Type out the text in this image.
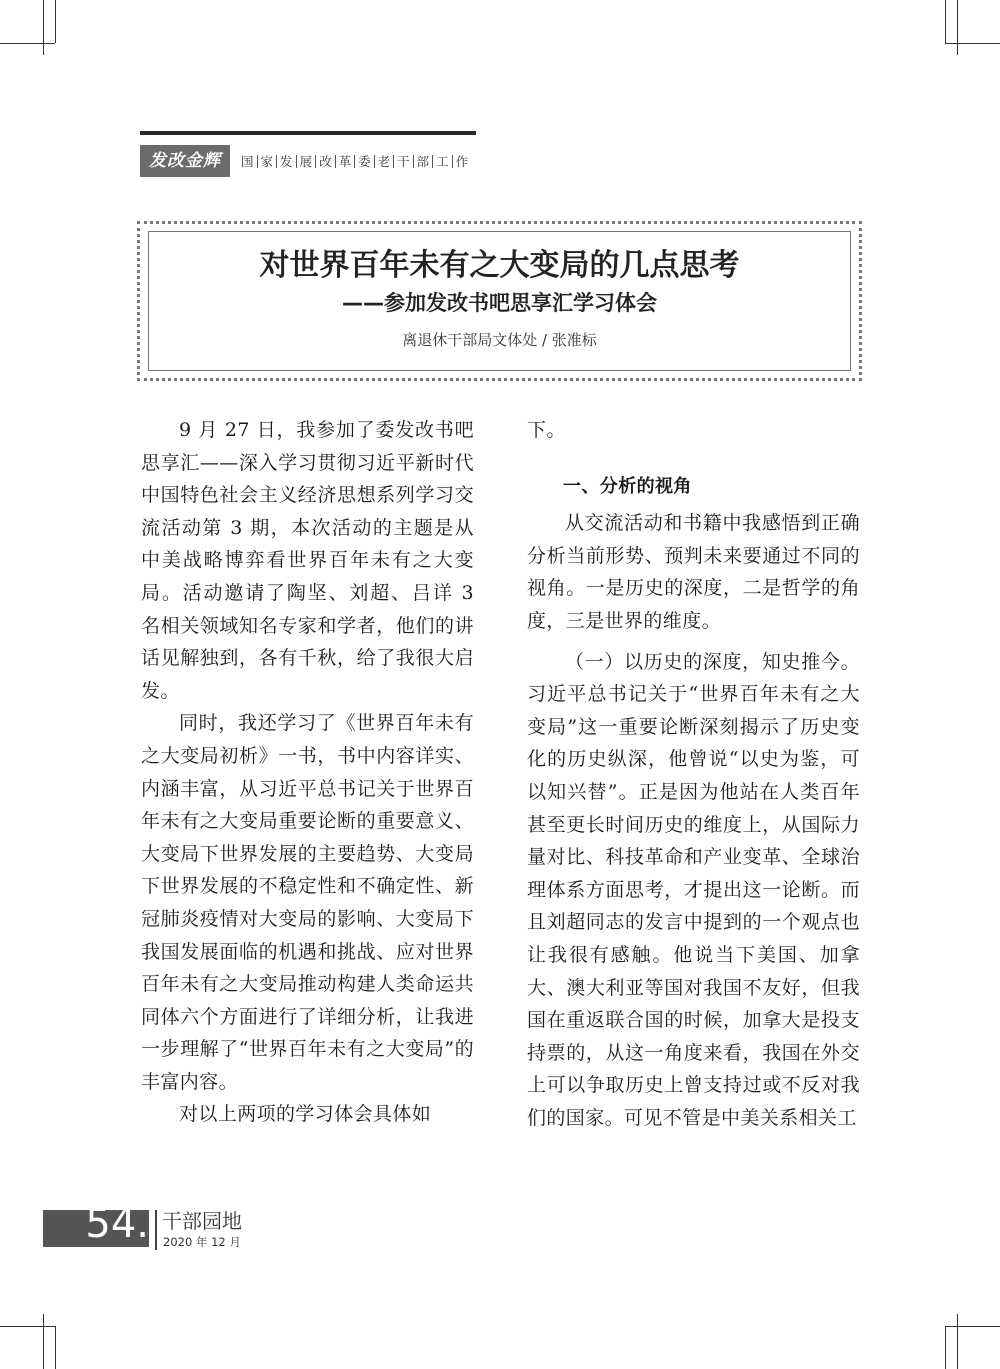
发改金辉	国 家 发 展 改 革 委 老 干 部 工 作
对世界百年未有之大变局的几点思考
——参加发改书吧思享汇学习体会
离退休干部局文体处 / 张准标

9 月 27 日，我参加了委发改书吧思享汇——深入学习贯彻习近平新时代中国特色社会主义经济思想系列学习交流活动第 3 期，本次活动的主题是从中美战略博弈看世界百年未有之大变局。活动邀请了陶坚、刘超、吕详 3 名相关领域知名专家和学者，他们的讲话见解独到，各有千秋，给了我很大启发。

同时，我还学习了《世界百年未有之大变局初析》一书，书中内容详实、内涵丰富，从习近平总书记关于世界百年未有之大变局重要论断的重要意义、大变局下世界发展的主要趋势、大变局下世界发展的不稳定性和不确定性、新冠肺炎疫情对大变局的影响、大变局下我国发展面临的机遇和挑战、应对世界百年未有之大变局推动构建人类命运共同体六个方面进行了详细分析，让我进一步理解了“世界百年未有之大变局”的丰富内容。

对以上两项的学习体会具体如

下。

一、分析的视角

从交流活动和书籍中我感悟到正确分析当前形势、预判未来要通过不同的视角。一是历史的深度，二是哲学的角度，三是世界的维度。

（一）以历史的深度，知史推今。习近平总书记关于“世界百年未有之大变局”这一重要论断深刻揭示了历史变化的历史纵深，他曾说“以史为鉴，可以知兴替”。正是因为他站在人类百年甚至更长时间历史的维度上，从国际力量对比、科技革命和产业变革、全球治理体系方面思考，才提出这一论断。而且刘超同志的发言中提到的一个观点也让我很有感触。他说当下美国、加拿大、澳大利亚等国对我国不友好，但我国在重返联合国的时候，加拿大是投支持票的，从这一角度来看，我国在外交上可以争取历史上曾支持过或不反对我们的国家。可见不管是中美关系相关工

54. 干部园地
2020 年 12 月
